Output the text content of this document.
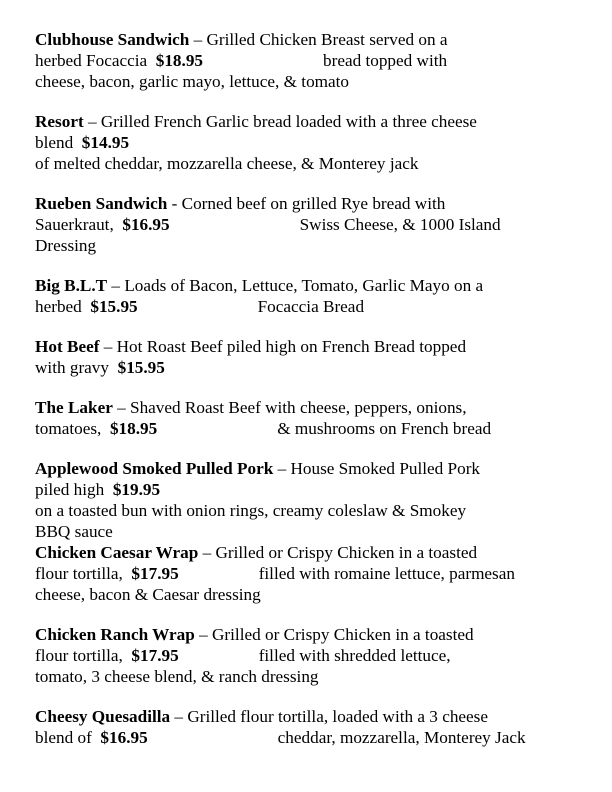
Clubhouse Sandwich – Grilled Chicken Breast served on a
herbed Focaccia $18.95	bread topped with
cheese, bacon, garlic mayo, lettuce, & tomato
Resort – Grilled French Garlic bread loaded with a three cheese
blend $14.95
of melted cheddar, mozzarella cheese, & Monterey jack
Rueben Sandwich - Corned beef on grilled Rye bread with
Sauerkraut, $16.95	Swiss Cheese, & 1000 Island
Dressing
Big B.L.T – Loads of Bacon, Lettuce, Tomato, Garlic Mayo on a
herbed $15.95	Focaccia Bread
Hot Beef – Hot Roast Beef piled high on French Bread topped
with gravy $15.95
The Laker – Shaved Roast Beef with cheese, peppers, onions,
tomatoes, $18.95	& mushrooms on French bread
Applewood Smoked Pulled Pork – House Smoked Pulled Pork
piled high $19.95
on a toasted bun with onion rings, creamy coleslaw & Smokey
BBQ sauce
Chicken Caesar Wrap – Grilled or Crispy Chicken in a toasted
flour tortilla, $17.95	filled with romaine lettuce, parmesan
cheese, bacon & Caesar dressing
Chicken Ranch Wrap – Grilled or Crispy Chicken in a toasted
flour tortilla, $17.95	filled with shredded lettuce,
tomato, 3 cheese blend, & ranch dressing
Cheesy Quesadilla – Grilled flour tortilla, loaded with a 3 cheese
blend of $16.95	cheddar, mozzarella, Monterey Jack
